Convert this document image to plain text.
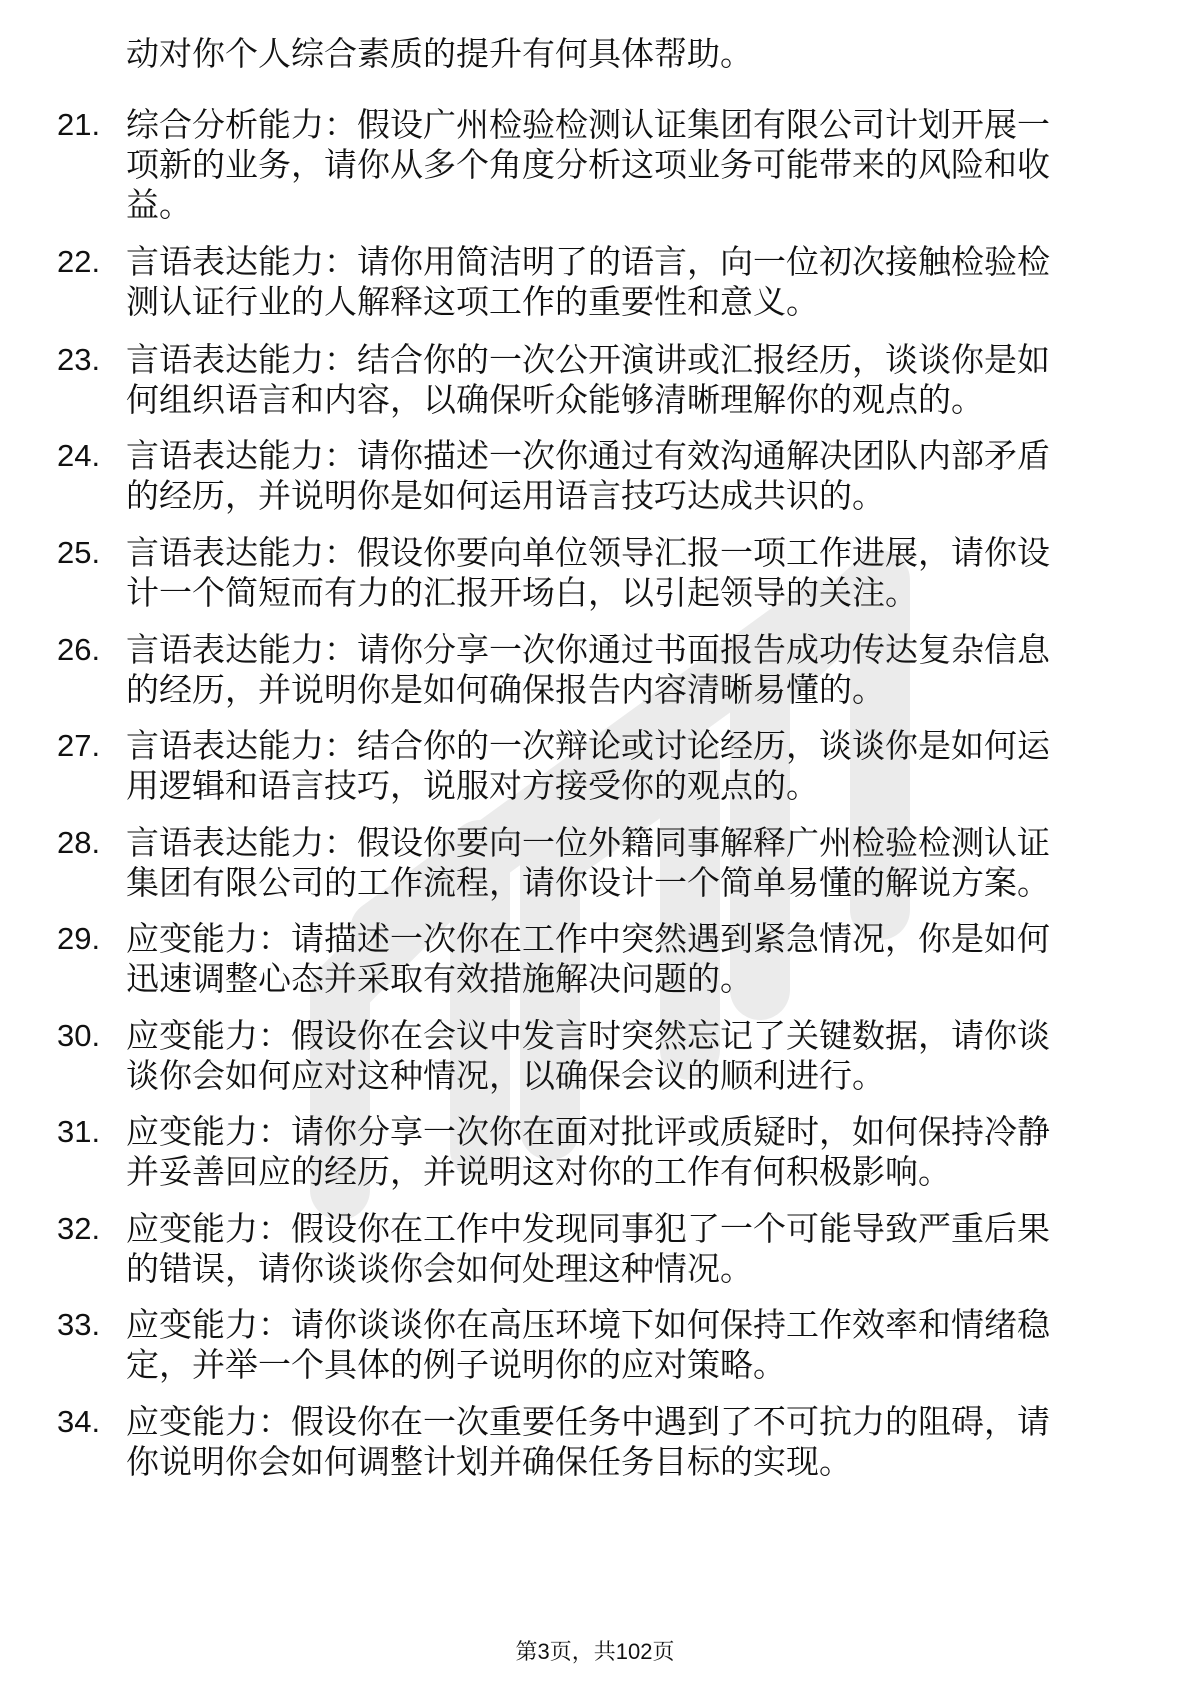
动对你个人综合素质的提升有何具体帮助。
21. 综合分析能力：假设广州检验检测认证集团有限公司计划开展一
项新的业务，请你从多个角度分析这项业务可能带来的风险和收
益。
22. 言语表达能力：请你用简洁明了的语言，向一位初次接触检验检
测认证行业的人解释这项工作的重要性和意义。
23. 言语表达能力：结合你的一次公开演讲或汇报经历，谈谈你是如
何组织语言和内容，以确保听众能够清晰理解你的观点的。
24. 言语表达能力：请你描述一次你通过有效沟通解决团队内部矛盾
的经历，并说明你是如何运用语言技巧达成共识的。
25. 言语表达能力：假设你要向单位领导汇报一项工作进展，请你设
计一个简短而有力的汇报开场白，以引起领导的关注。
26. 言语表达能力：请你分享一次你通过书面报告成功传达复杂信息
的经历，并说明你是如何确保报告内容清晰易懂的。
27. 言语表达能力：结合你的一次辩论或讨论经历，谈谈你是如何运
用逻辑和语言技巧，说服对方接受你的观点的。
28. 言语表达能力：假设你要向一位外籍同事解释广州检验检测认证
集团有限公司的工作流程，请你设计一个简单易懂的解说方案。
29. 应变能力：请描述一次你在工作中突然遇到紧急情况，你是如何
迅速调整心态并采取有效措施解决问题的。
30. 应变能力：假设你在会议中发言时突然忘记了关键数据，请你谈
谈你会如何应对这种情况，以确保会议的顺利进行。
31. 应变能力：请你分享一次你在面对批评或质疑时，如何保持冷静
并妥善回应的经历，并说明这对你的工作有何积极影响。
32. 应变能力：假设你在工作中发现同事犯了一个可能导致严重后果
的错误，请你谈谈你会如何处理这种情况。
33. 应变能力：请你谈谈你在高压环境下如何保持工作效率和情绪稳
定，并举一个具体的例子说明你的应对策略。
34. 应变能力：假设你在一次重要任务中遇到了不可抗力的阻碍，请
你说明你会如何调整计划并确保任务目标的实现。
第3页，共102页
